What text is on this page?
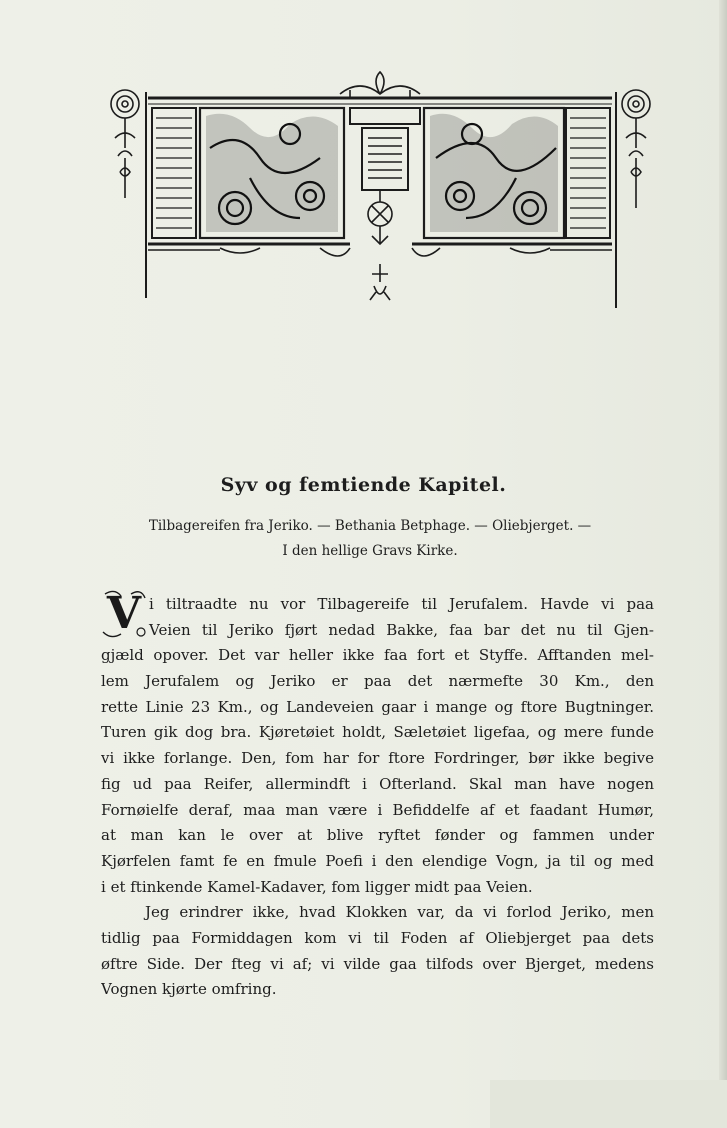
Syv og femtiende Kapitel.
Tilbagereifen fra Jeriko. — Bethania Betphage. — Oliebjerget. —
I den hellige Gravs Kirke.
V i tiltraadte nu vor Tilbagereife til Jerufalem. Havde vi paa
Veien til Jeriko fjørt nedad Bakke, faa bar det nu til Gjen-
gjæld opover. Det var heller ikke faa fort et Styffe. Afftanden mel-
lem Jerufalem og Jeriko er paa det nærmefte 30 Km., den
rette Linie 23 Km., og Landeveien gaar i mange og ftore Bugtninger.
Turen gik dog bra. Kjøretøiet holdt, Sæletøiet ligefaa, og mere funde
vi ikke forlange. Den, fom har for ftore Fordringer, bør ikke begive
fig ud paa Reifer, allermindft i Ofterland. Skal man have nogen
Fornøielfe deraf, maa man være i Befiddelfe af et faadant Humør,
at man kan le over at blive ryftet fønder og fammen under
Kjørfelen famt fe en fmule Poefi i den elendige Vogn, ja til og med
i et ftinkende Kamel-Kadaver, fom ligger midt paa Veien.
Jeg erindrer ikke, hvad Klokken var, da vi forlod Jeriko, men
tidlig paa Formiddagen kom vi til Foden af Oliebjerget paa dets
øftre Side. Der fteg vi af; vi vilde gaa tilfods over Bjerget, medens
Vognen kjørte omfring.
